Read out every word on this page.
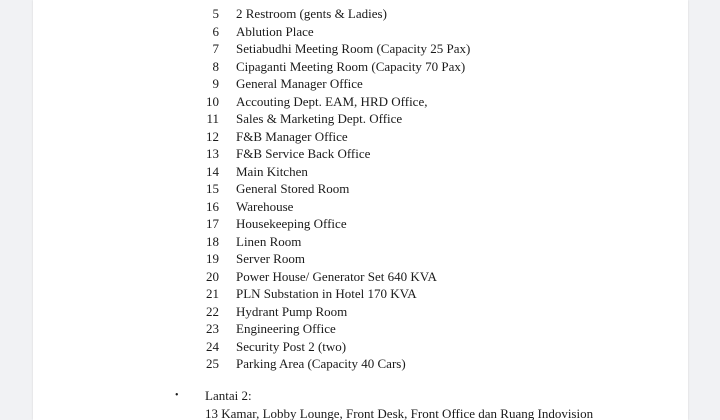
5 2 Restroom (gents & Ladies)
6 Ablution Place
7 Setiabudhi Meeting Room (Capacity 25 Pax)
8 Cipaganti Meeting Room (Capacity 70 Pax)
9 General Manager Office
10 Accouting Dept. EAM, HRD Office,
11 Sales & Marketing Dept. Office
12 F&B Manager Office
13 F&B Service Back Office
14 Main Kitchen
15 General Stored Room
16 Warehouse
17 Housekeeping Office
18 Linen Room
19 Server Room
20 Power House/ Generator Set 640 KVA
21 PLN Substation in Hotel 170 KVA
22 Hydrant Pump Room
23 Engineering Office
24 Security Post 2 (two)
25 Parking Area (Capacity 40 Cars)
• Lantai 2:
13 Kamar, Lobby Lounge, Front Desk, Front Office dan Ruang Indovision
